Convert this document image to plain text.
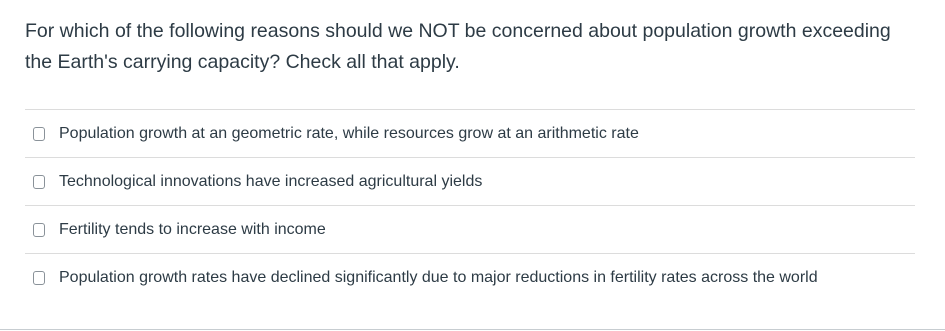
For which of the following reasons should we NOT be concerned about population growth exceeding the Earth's carrying capacity? Check all that apply.
Population growth at an geometric rate, while resources grow at an arithmetic rate
Technological innovations have increased agricultural yields
Fertility tends to increase with income
Population growth rates have declined significantly due to major reductions in fertility rates across the world
